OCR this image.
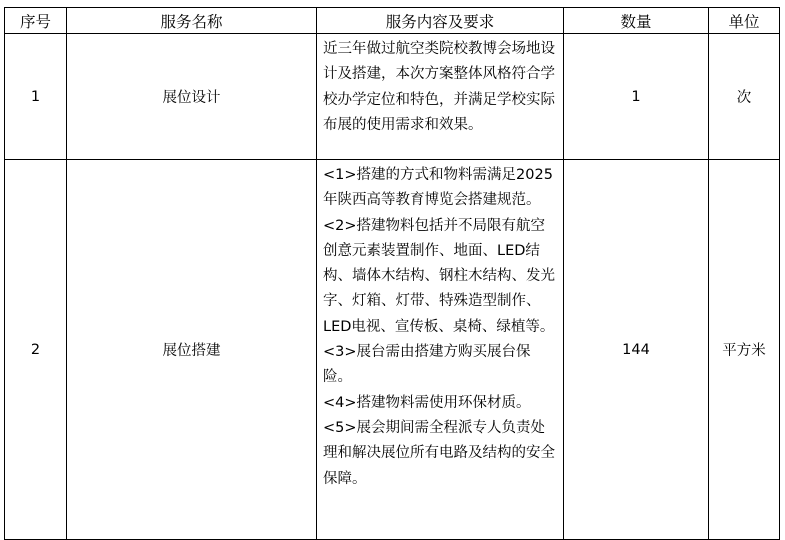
序号	服务名称	服务内容及要求	数量	单位
1	展位设计	近三年做过航空类院校教博会场地设计及搭建，本次方案整体风格符合学校办学定位和特色，并满足学校实际布展的使用需求和效果。	1	次
2	展位搭建	<1>搭建的方式和物料需满足2025年陕西高等教育博览会搭建规范。

<2>搭建物料包括并不局限有航空创意元素装置制作、地面、LED结构、墙体木结构、钢柱木结构、发光字、灯箱、灯带、特殊造型制作、LED电视、宣传板、桌椅、绿植等。

<3>展台需由搭建方购买展台保险。

<4>搭建物料需使用环保材质。

<5>展会期间需全程派专人负责处理和解决展位所有电路及结构的安全保障。	144	平方米
